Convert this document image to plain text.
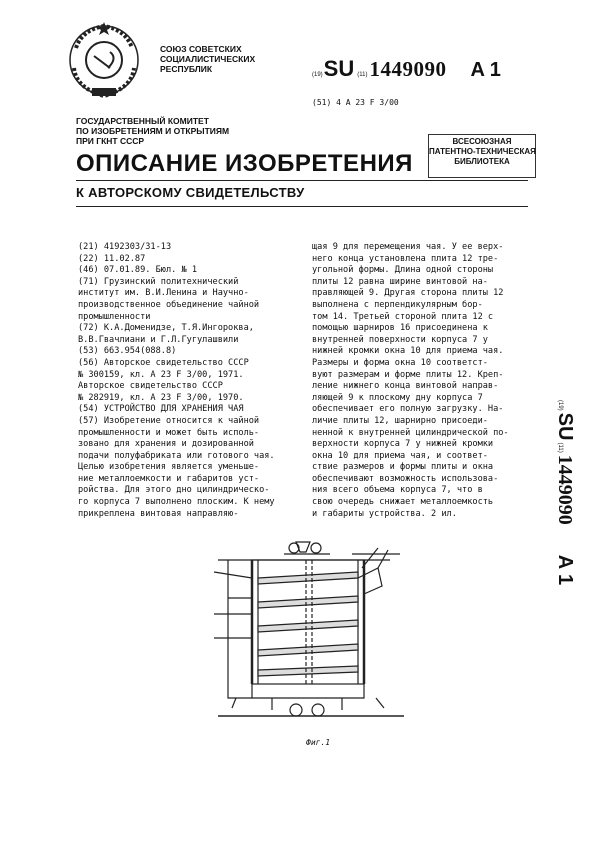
СОЮЗ СОВЕТСКИХ
СОЦИАЛИСТИЧЕСКИХ
РЕСПУБЛИК
(19) SU (11) 1449090 A 1
(51) 4 A 23 F 3/00
ГОСУДАРСТВЕННЫЙ КОМИТЕТ
ПО ИЗОБРЕТЕНИЯМ И ОТКРЫТИЯМ
ПРИ ГКНТ СССР	ВСЕСОЮЗНАЯ
ПАТЕНТНО-ТЕХНИЧЕСКАЯ
БИБЛИОТЕКА
ОПИСАНИЕ ИЗОБРЕТЕНИЯ
К АВТОРСКОМУ СВИДЕТЕЛЬСТВУ
(21) 4192303/31-13
(22) 11.02.87
(46) 07.01.89. Бюл. № 1
(71) Грузинский политехнический
институт им. В.И.Ленина и Научно-
производственное объединение чайной
промышленности
(72) К.А.Доменидзе, Т.Я.Ингороква,
В.В.Гвачлиани и Г.Л.Гугулашвили
(53) 663.954(088.8)
(56) Авторское свидетельство СССР
№ 300159, кл. А 23 F 3/00, 1971.
Авторское свидетельство СССР
№ 282919, кл. А 23 F 3/00, 1970.
(54) УСТРОЙСТВО ДЛЯ ХРАНЕНИЯ ЧАЯ
(57) Изобретение относится к чайной
промышленности и может быть исполь-
зовано для хранения и дозированной
подачи полуфабриката или готового чая.
Целью изобретения является уменьше-
ние металлоемкости и габаритов уст-
ройства. Для этого дно цилиндрическо-
го корпуса 7 выполнено плоским. К нему
прикреплена винтовая направляю-
щая 9 для перемещения чая. У ее верх-
него конца установлена плита 12 тре-
угольной формы. Длина одной стороны
плиты 12 равна ширине винтовой на-
правляющей 9. Другая сторона плиты 12
выполнена с перпендикулярным бор-
том 14. Третьей стороной плита 12 с
помощью шарниров 16 присоединена к
внутренней поверхности корпуса 7 у
нижней кромки окна 10 для приема чая.
Размеры и форма окна 10 соответст-
вуют размерам и форме плиты 12. Креп-
ление нижнего конца винтовой направ-
ляющей 9 к плоскому дну корпуса 7
обеспечивает его полную загрузку. На-
личие плиты 12, шарнирно присоеди-
ненной к внутренней цилиндрической по-
верхности корпуса 7 у нижней кромки
окна 10 для приема чая, и соответ-
ствие размеров и формы плиты и окна
обеспечивают возможность использова-
ния всего объема корпуса 7, что в
свою очередь снижает металлоемкость
и габариты устройства. 2 ил.
(19)
SU
(11)
1449090
A 1
Фиг.1
